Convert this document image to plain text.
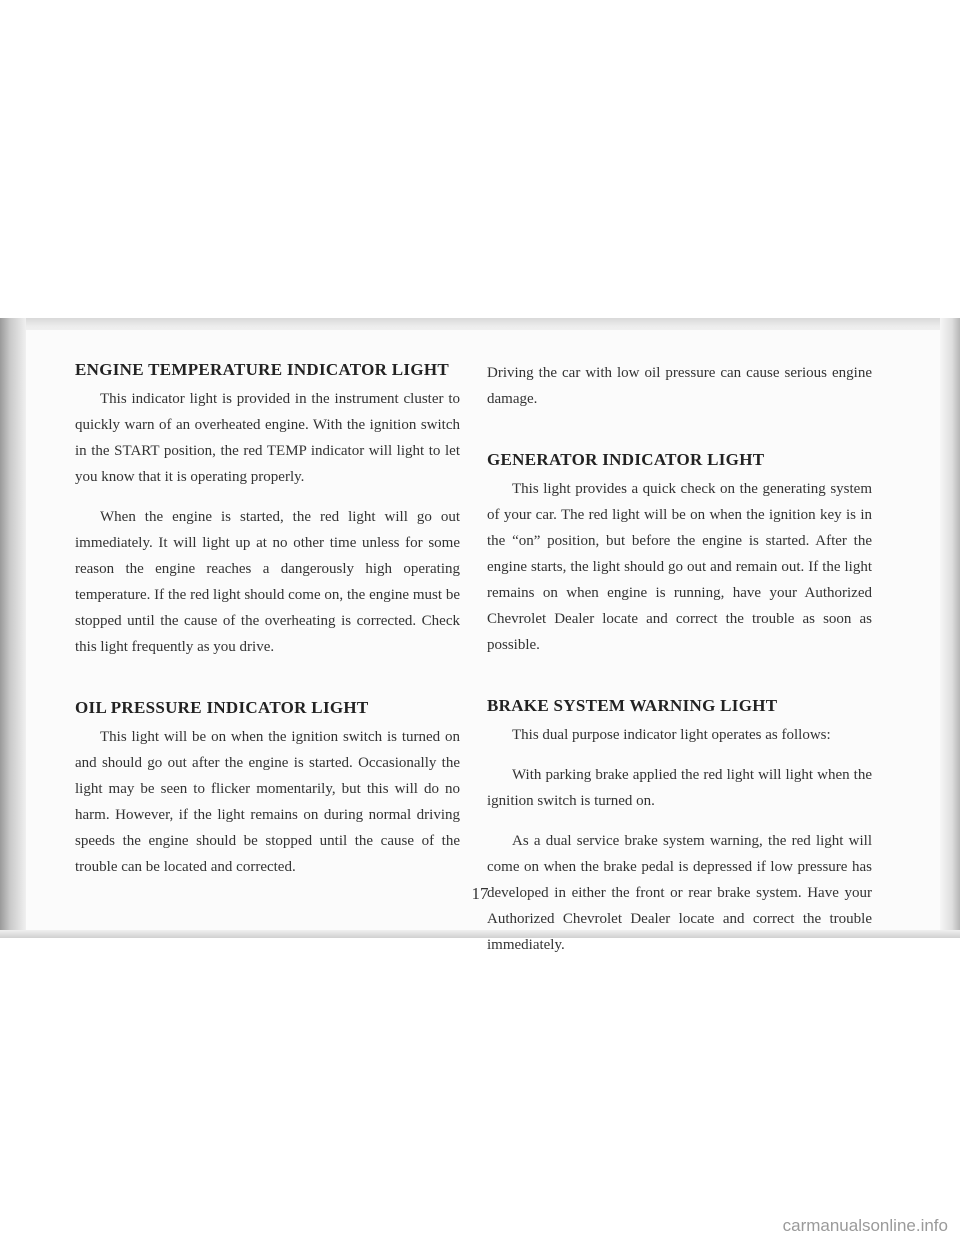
ENGINE TEMPERATURE INDICATOR LIGHT

This indicator light is provided in the instrument cluster to quickly warn of an overheated engine. With the ignition switch in the START position, the red TEMP indicator will light to let you know that it is operating properly.

When the engine is started, the red light will go out immediately. It will light up at no other time unless for some reason the engine reaches a dangerously high operating temperature. If the red light should come on, the engine must be stopped until the cause of the overheating is corrected. Check this light frequently as you drive.

OIL PRESSURE INDICATOR LIGHT

This light will be on when the ignition switch is turned on and should go out after the engine is started. Occasionally the light may be seen to flicker momentarily, but this will do no harm. However, if the light remains on during normal driving speeds the engine should be stopped until the cause of the trouble can be located and corrected.

Driving the car with low oil pressure can cause serious engine damage.

GENERATOR INDICATOR LIGHT

This light provides a quick check on the generating system of your car. The red light will be on when the ignition key is in the “on” position, but before the engine is started. After the engine starts, the light should go out and remain out. If the light remains on when engine is running, have your Authorized Chevrolet Dealer locate and correct the trouble as soon as possible.

BRAKE SYSTEM WARNING LIGHT

This dual purpose indicator light operates as follows:

With parking brake applied the red light will light when the ignition switch is turned on.

As a dual service brake system warning, the red light will come on when the brake pedal is depressed if low pressure has developed in either the front or rear brake system. Have your Authorized Chevrolet Dealer locate and correct the trouble immediately.

17
carmanualsonline.info
